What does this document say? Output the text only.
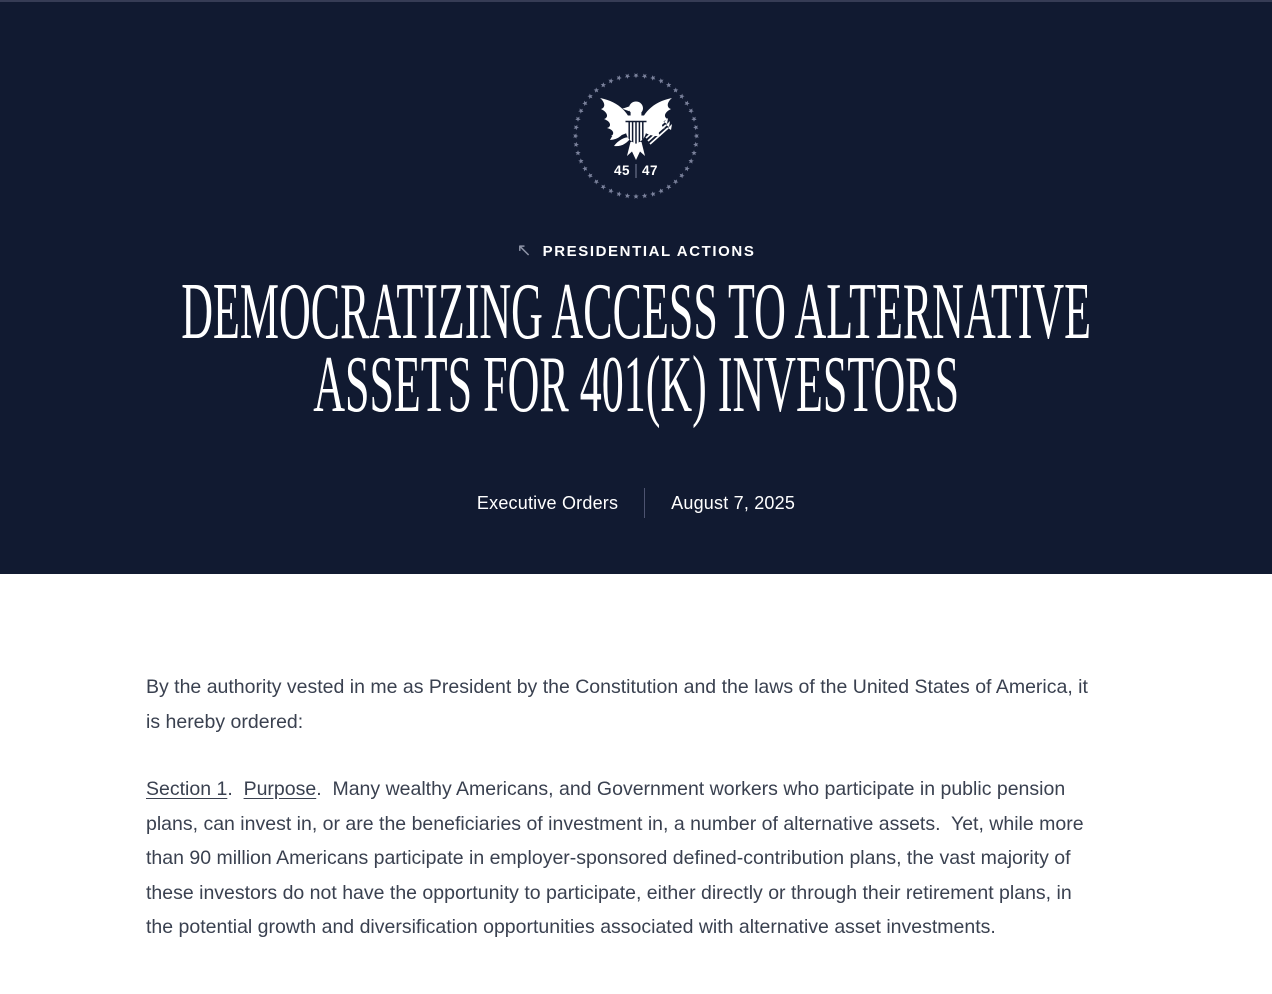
45 47
↖ PRESIDENTIAL ACTIONS
DEMOCRATIZING ACCESS TO ALTERNATIVE
ASSETS FOR 401(K) INVESTORS
Executive Orders	August 7, 2025

By the authority vested in me as President by the Constitution and the laws of the United States of America, it is hereby ordered:

Section 1.  Purpose.  Many wealthy Americans, and Government workers who participate in public pension plans, can invest in, or are the beneficiaries of investment in, a number of alternative assets.  Yet, while more than 90 million Americans participate in employer-sponsored defined-contribution plans, the vast majority of these investors do not have the opportunity to participate, either directly or through their retirement plans, in the potential growth and diversification opportunities associated with alternative asset investments.
